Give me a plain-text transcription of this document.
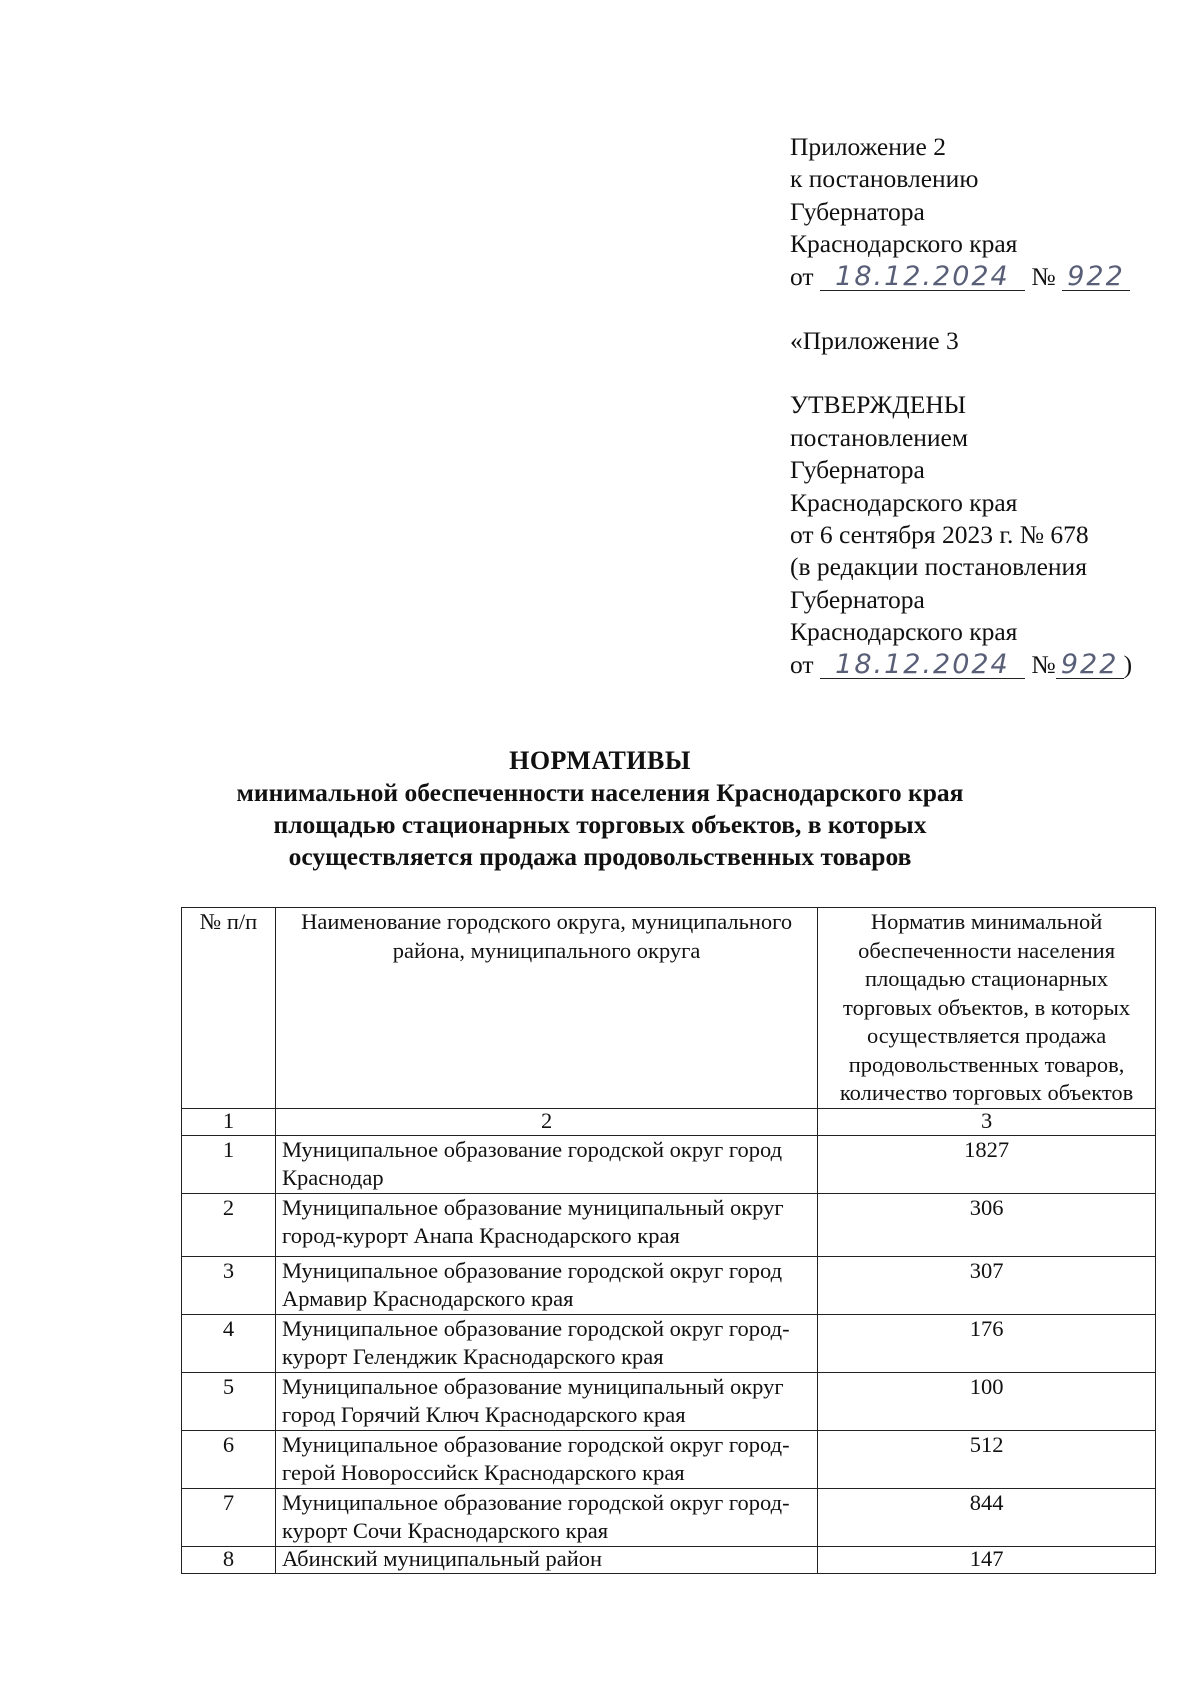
Приложение 2
к постановлению
Губернатора
Краснодарского края
от 18.12.2024 № 922
«Приложение 3
УТВЕРЖДЕНЫ
постановлением
Губернатора
Краснодарского края
от 6 сентября 2023 г. № 678
(в редакции постановления
Губернатора
Краснодарского края
от 18.12.2024 № 922 )
НОРМАТИВЫ
минимальной обеспеченности населения Краснодарского края
площадью стационарных торговых объектов, в которых
осуществляется продажа продовольственных товаров
№ п/п	Наименование городского округа, муниципального района, муниципального округа	Норматив минимальной обеспеченности населения площадью стационарных торговых объектов, в которых осуществляется продажа продовольственных товаров, количество торговых объектов
1	2	3
1	Муниципальное образование городской округ город Краснодар	1827
2	Муниципальное образование муниципальный округ город-курорт Анапа Краснодарского края	306
3	Муниципальное образование городской округ город Армавир Краснодарского края	307
4	Муниципальное образование городской округ город-курорт Геленджик Краснодарского края	176
5	Муниципальное образование муниципальный округ город Горячий Ключ Краснодарского края	100
6	Муниципальное образование городской округ город-герой Новороссийск Краснодарского края	512
7	Муниципальное образование городской округ город-курорт Сочи Краснодарского края	844
8	Абинский муниципальный район	147
